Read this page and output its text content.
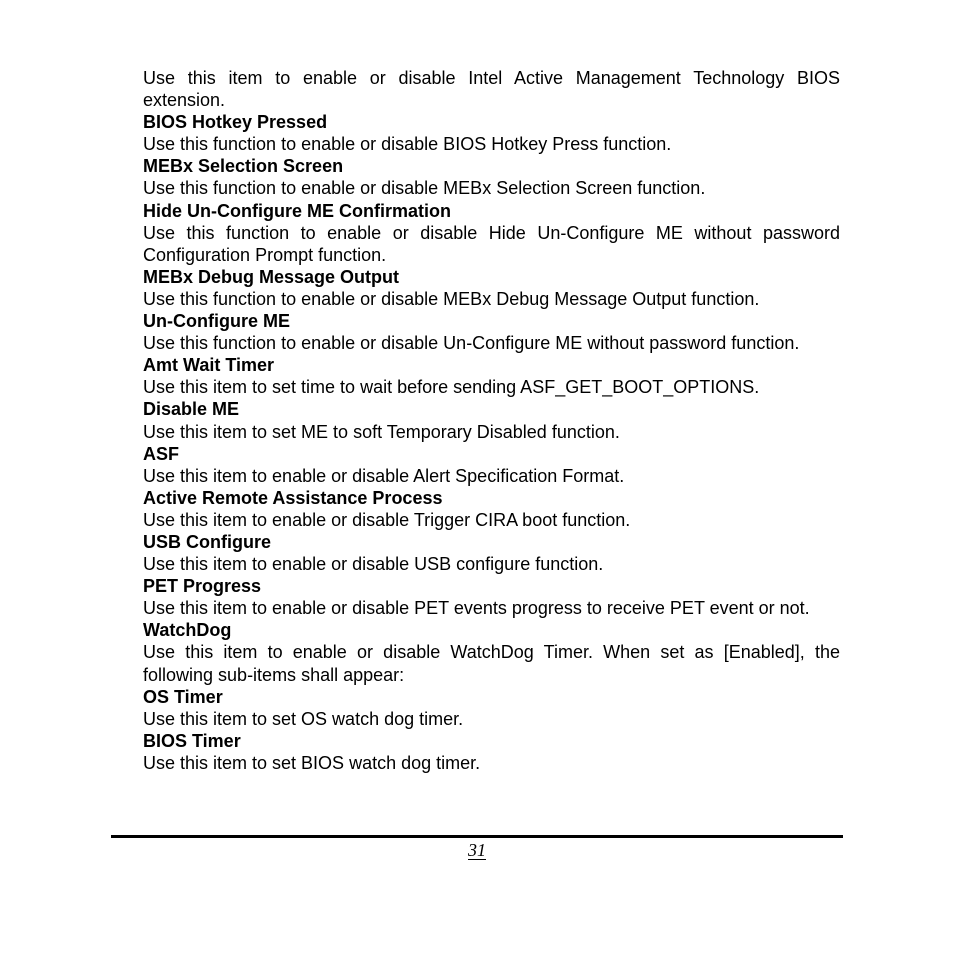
Use this item to enable or disable Intel Active Management Technology BIOS extension.

BIOS Hotkey Pressed

Use this function to enable or disable BIOS Hotkey Press function.

MEBx Selection Screen

Use this function to enable or disable MEBx Selection Screen function.

Hide Un-Configure ME Confirmation

Use this function to enable or disable Hide Un-Configure ME without password Configuration Prompt function.

MEBx Debug Message Output

Use this function to enable or disable MEBx Debug Message Output function.

Un-Configure ME

Use this function to enable or disable Un-Configure ME without password function.

Amt Wait Timer

Use this item to set time to wait before sending ASF_GET_BOOT_OPTIONS.

Disable ME

Use this item to set ME to soft Temporary Disabled function.

ASF

Use this item to enable or disable Alert Specification Format.

Active Remote Assistance Process

Use this item to enable or disable Trigger CIRA boot function.

USB Configure

Use this item to enable or disable USB configure function.

PET Progress

Use this item to enable or disable PET events progress to receive PET event or not.

WatchDog

Use this item to enable or disable WatchDog Timer. When set as [Enabled], the following sub-items shall appear:

OS Timer

Use this item to set OS watch dog timer.

BIOS Timer

Use this item to set BIOS watch dog timer.

31
